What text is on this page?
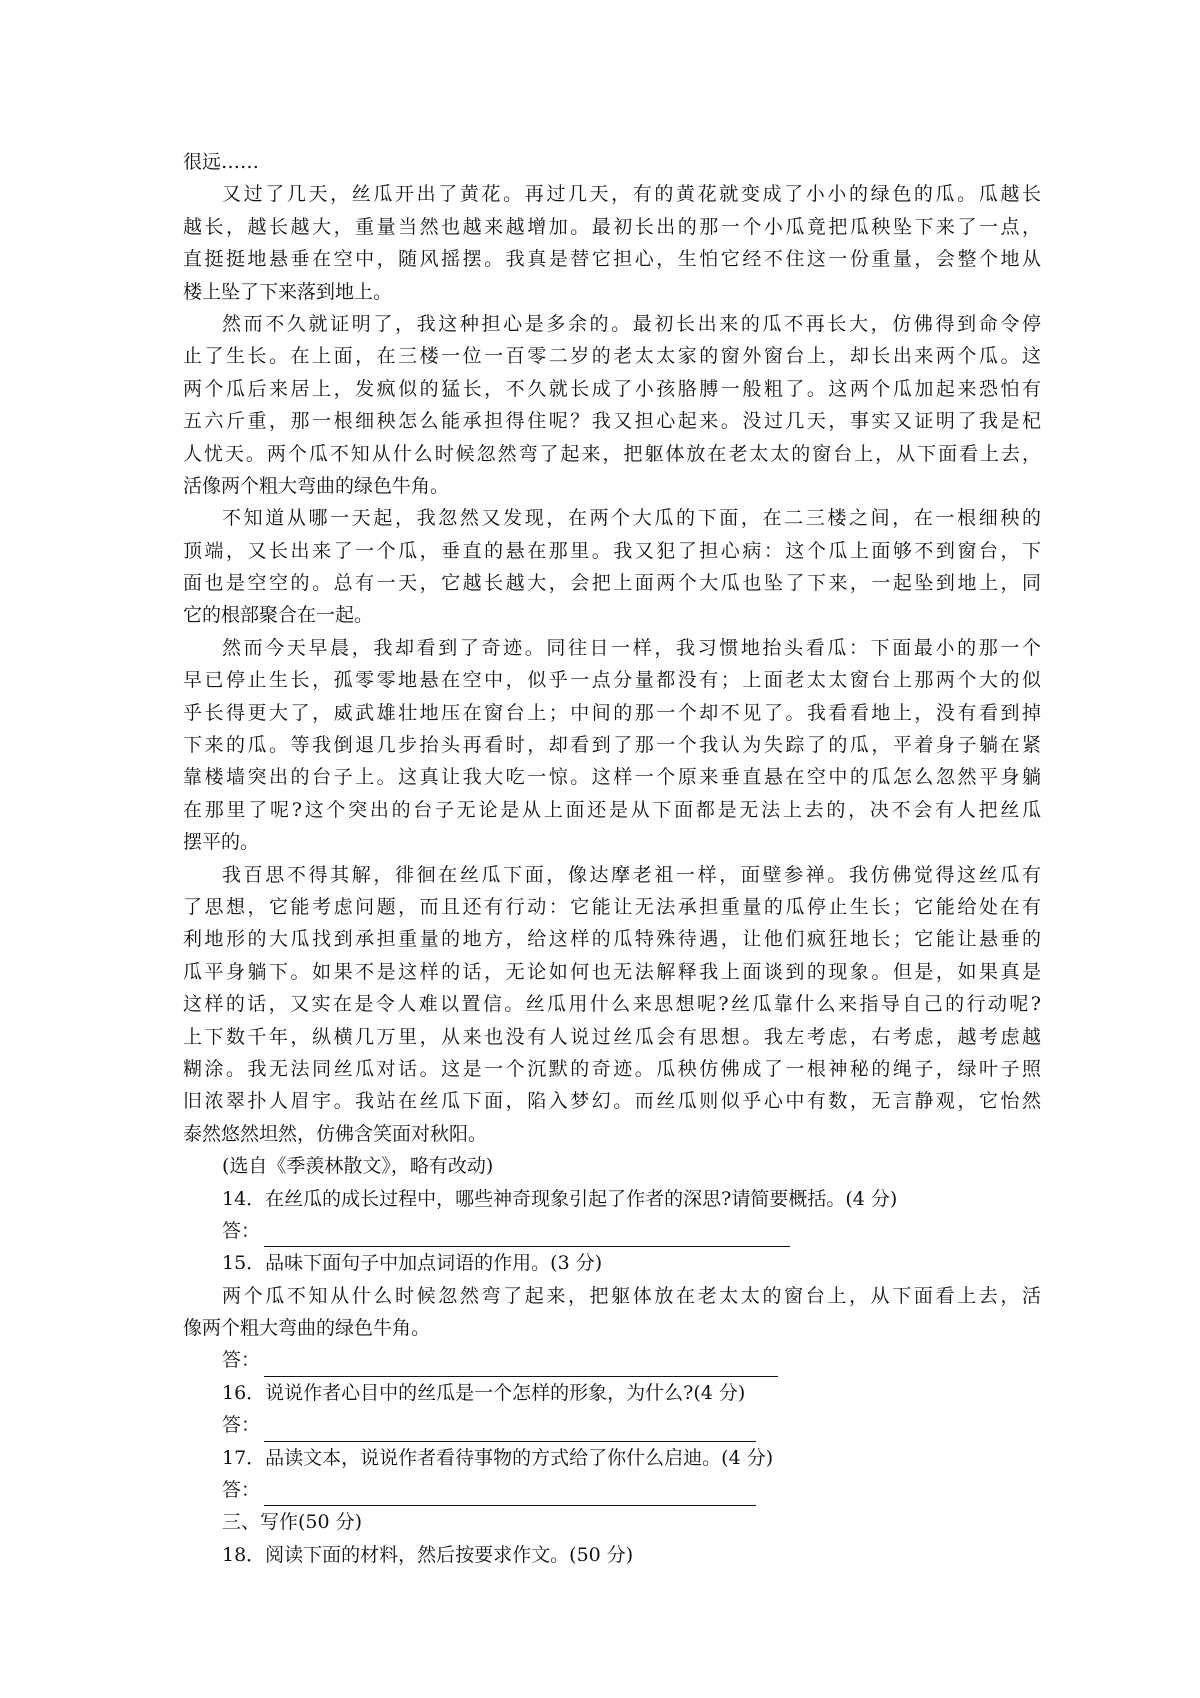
很远……
又过了几天，丝瓜开出了黄花。再过几天，有的黄花就变成了小小的绿色的瓜。瓜越长
越长，越长越大，重量当然也越来越增加。最初长出的那一个小瓜竟把瓜秧坠下来了一点，
直挺挺地悬垂在空中，随风摇摆。我真是替它担心，生怕它经不住这一份重量，会整个地从
楼上坠了下来落到地上。
然而不久就证明了，我这种担心是多余的。最初长出来的瓜不再长大，仿佛得到命令停
止了生长。在上面，在三楼一位一百零二岁的老太太家的窗外窗台上，却长出来两个瓜。这
两个瓜后来居上，发疯似的猛长，不久就长成了小孩胳膊一般粗了。这两个瓜加起来恐怕有
五六斤重，那一根细秧怎么能承担得住呢？我又担心起来。没过几天，事实又证明了我是杞
人忧天。两个瓜不知从什么时候忽然弯了起来，把躯体放在老太太的窗台上，从下面看上去，
活像两个粗大弯曲的绿色牛角。
不知道从哪一天起，我忽然又发现，在两个大瓜的下面，在二三楼之间，在一根细秧的
顶端，又长出来了一个瓜，垂直的悬在那里。我又犯了担心病：这个瓜上面够不到窗台，下
面也是空空的。总有一天，它越长越大，会把上面两个大瓜也坠了下来，一起坠到地上，同
它的根部聚合在一起。
然而今天早晨，我却看到了奇迹。同往日一样，我习惯地抬头看瓜：下面最小的那一个
早已停止生长，孤零零地悬在空中，似乎一点分量都没有；上面老太太窗台上那两个大的似
乎长得更大了，威武雄壮地压在窗台上；中间的那一个却不见了。我看看地上，没有看到掉
下来的瓜。等我倒退几步抬头再看时，却看到了那一个我认为失踪了的瓜，平着身子躺在紧
靠楼墙突出的台子上。这真让我大吃一惊。这样一个原来垂直悬在空中的瓜怎么忽然平身躺
在那里了呢?这个突出的台子无论是从上面还是从下面都是无法上去的，决不会有人把丝瓜
摆平的。
我百思不得其解，徘徊在丝瓜下面，像达摩老祖一样，面壁参禅。我仿佛觉得这丝瓜有
了思想，它能考虑问题，而且还有行动：它能让无法承担重量的瓜停止生长；它能给处在有
利地形的大瓜找到承担重量的地方，给这样的瓜特殊待遇，让他们疯狂地长；它能让悬垂的
瓜平身躺下。如果不是这样的话，无论如何也无法解释我上面谈到的现象。但是，如果真是
这样的话，又实在是令人难以置信。丝瓜用什么来思想呢?丝瓜靠什么来指导自己的行动呢?
上下数千年，纵横几万里，从来也没有人说过丝瓜会有思想。我左考虑，右考虑，越考虑越
糊涂。我无法同丝瓜对话。这是一个沉默的奇迹。瓜秧仿佛成了一根神秘的绳子，绿叶子照
旧浓翠扑人眉宇。我站在丝瓜下面，陷入梦幻。而丝瓜则似乎心中有数，无言静观，它怡然
泰然悠然坦然，仿佛含笑面对秋阳。
(选自《季羡林散文》，略有改动)
14．在丝瓜的成长过程中，哪些神奇现象引起了作者的深思?请简要概括。(4 分)
答：
15．品味下面句子中加点词语的作用。(3 分)
两个瓜不知从什么时候忽然弯了起来，把躯体放在老太太的窗台上，从下面看上去，活
像两个粗大弯曲的绿色牛角。
答：
16．说说作者心目中的丝瓜是一个怎样的形象，为什么?(4 分)
答：
17．品读文本，说说作者看待事物的方式给了你什么启迪。(4 分)
答：
三、写作(50 分)
18．阅读下面的材料，然后按要求作文。(50 分)
